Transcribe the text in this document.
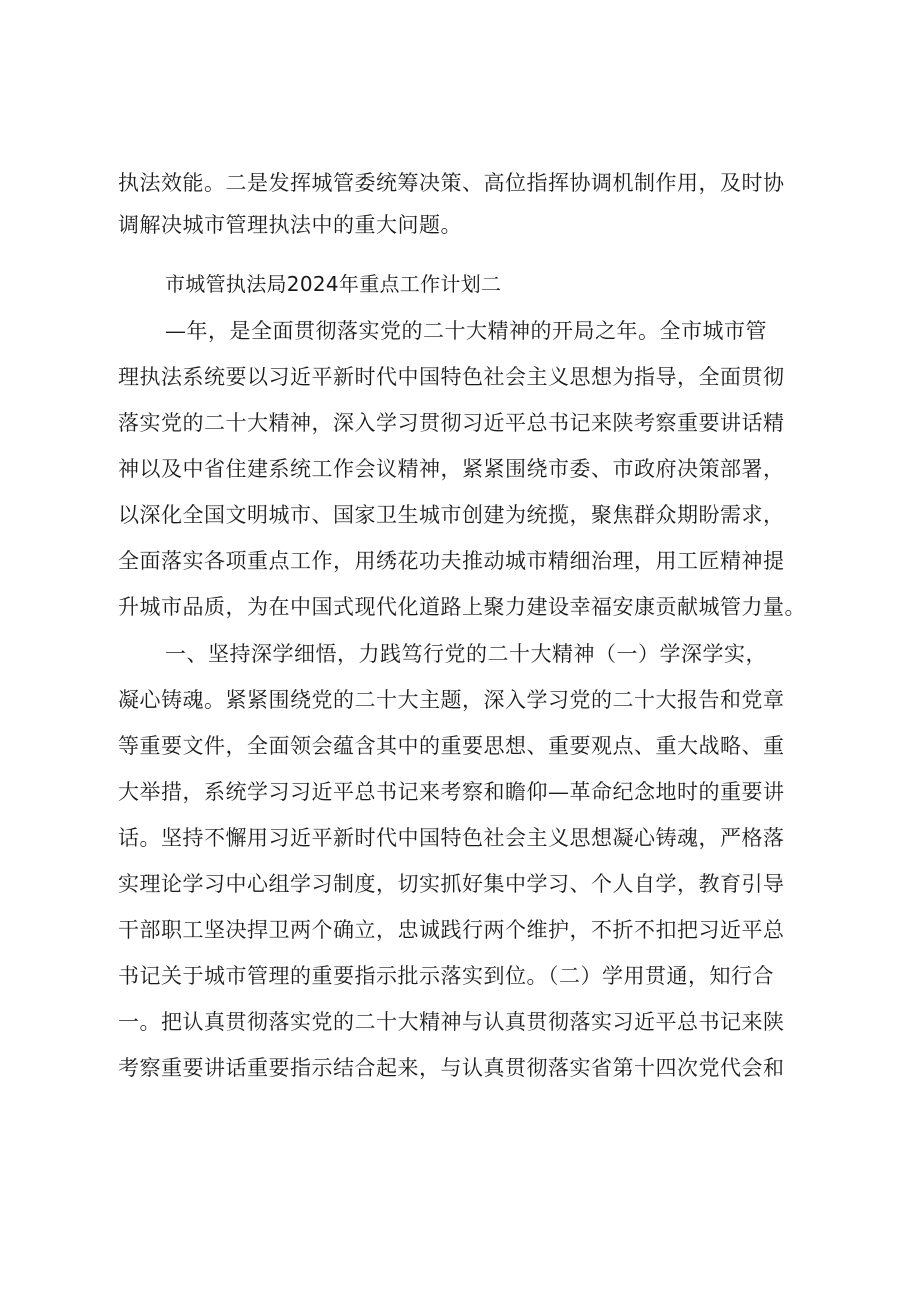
执法效能。二是发挥城管委统筹决策、高位指挥协调机制作用，及时协
调解决城市管理执法中的重大问题。
市城管执法局2024年重点工作计划二
—年，是全面贯彻落实党的二十大精神的开局之年。全市城市管
理执法系统要以习近平新时代中国特色社会主义思想为指导，全面贯彻
落实党的二十大精神，深入学习贯彻习近平总书记来陕考察重要讲话精
神以及中省住建系统工作会议精神，紧紧围绕市委、市政府决策部署，
以深化全国文明城市、国家卫生城市创建为统揽，聚焦群众期盼需求，
全面落实各项重点工作，用绣花功夫推动城市精细治理，用工匠精神提
升城市品质，为在中国式现代化道路上聚力建设幸福安康贡献城管力量。
一、坚持深学细悟，力践笃行党的二十大精神（一）学深学实，
凝心铸魂。紧紧围绕党的二十大主题，深入学习党的二十大报告和党章
等重要文件，全面领会蕴含其中的重要思想、重要观点、重大战略、重
大举措，系统学习习近平总书记来考察和瞻仰—革命纪念地时的重要讲
话。坚持不懈用习近平新时代中国特色社会主义思想凝心铸魂，严格落
实理论学习中心组学习制度，切实抓好集中学习、个人自学，教育引导
干部职工坚决捍卫两个确立，忠诚践行两个维护，不折不扣把习近平总
书记关于城市管理的重要指示批示落实到位。（二）学用贯通，知行合
一。把认真贯彻落实党的二十大精神与认真贯彻落实习近平总书记来陕
考察重要讲话重要指示结合起来，与认真贯彻落实省第十四次党代会和
